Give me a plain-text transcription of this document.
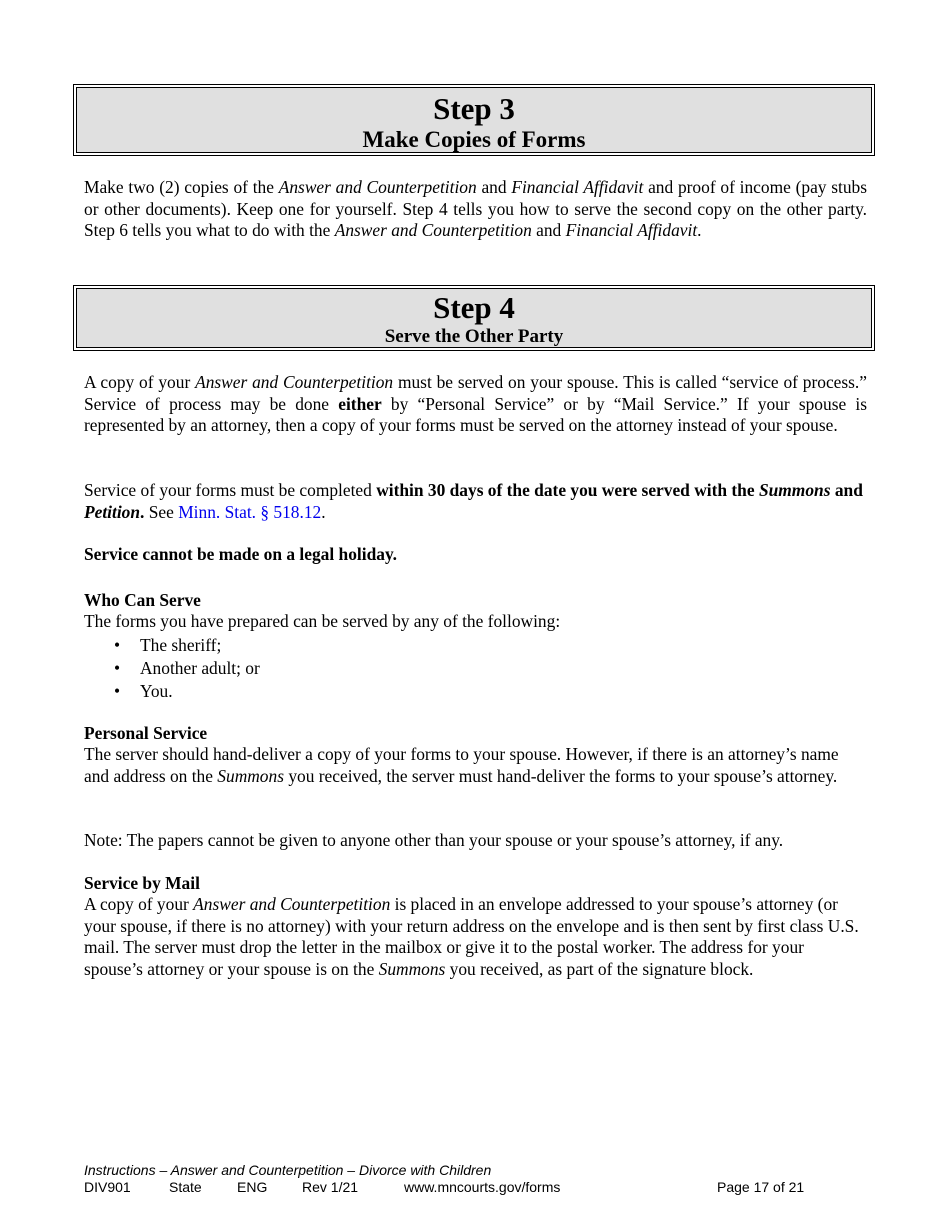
Step 3
Make Copies of Forms

Make two (2) copies of the Answer and Counterpetition and Financial Affidavit and proof of income (pay stubs or other documents). Keep one for yourself. Step 4 tells you how to serve the second copy on the other party. Step 6 tells you what to do with the Answer and Counterpetition and Financial Affidavit.

Step 4
Serve the Other Party

A copy of your Answer and Counterpetition must be served on your spouse. This is called “service of process.” Service of process may be done either by “Personal Service” or by “Mail Service.” If your spouse is represented by an attorney, then a copy of your forms must be served on the attorney instead of your spouse.

Service of your forms must be completed within 30 days of the date you were served with the Summons and Petition. See Minn. Stat. § 518.12.

Service cannot be made on a legal holiday.

Who Can Serve

The forms you have prepared can be served by any of the following:

• The sheriff;
• Another adult; or
• You.

Personal Service

The server should hand-deliver a copy of your forms to your spouse. However, if there is an attorney’s name and address on the Summons you received, the server must hand-deliver the forms to your spouse’s attorney.

Note: The papers cannot be given to anyone other than your spouse or your spouse’s attorney, if any.

Service by Mail

A copy of your Answer and Counterpetition is placed in an envelope addressed to your spouse’s attorney (or your spouse, if there is no attorney) with your return address on the envelope and is then sent by first class U.S. mail. The server must drop the letter in the mailbox or give it to the postal worker. The address for your spouse’s attorney or your spouse is on the Summons you received, as part of the signature block.

Instructions – Answer and Counterpetition – Divorce with Children
DIV901	State	ENG Rev 1/21	www.mncourts.gov/forms	Page 17 of 21
